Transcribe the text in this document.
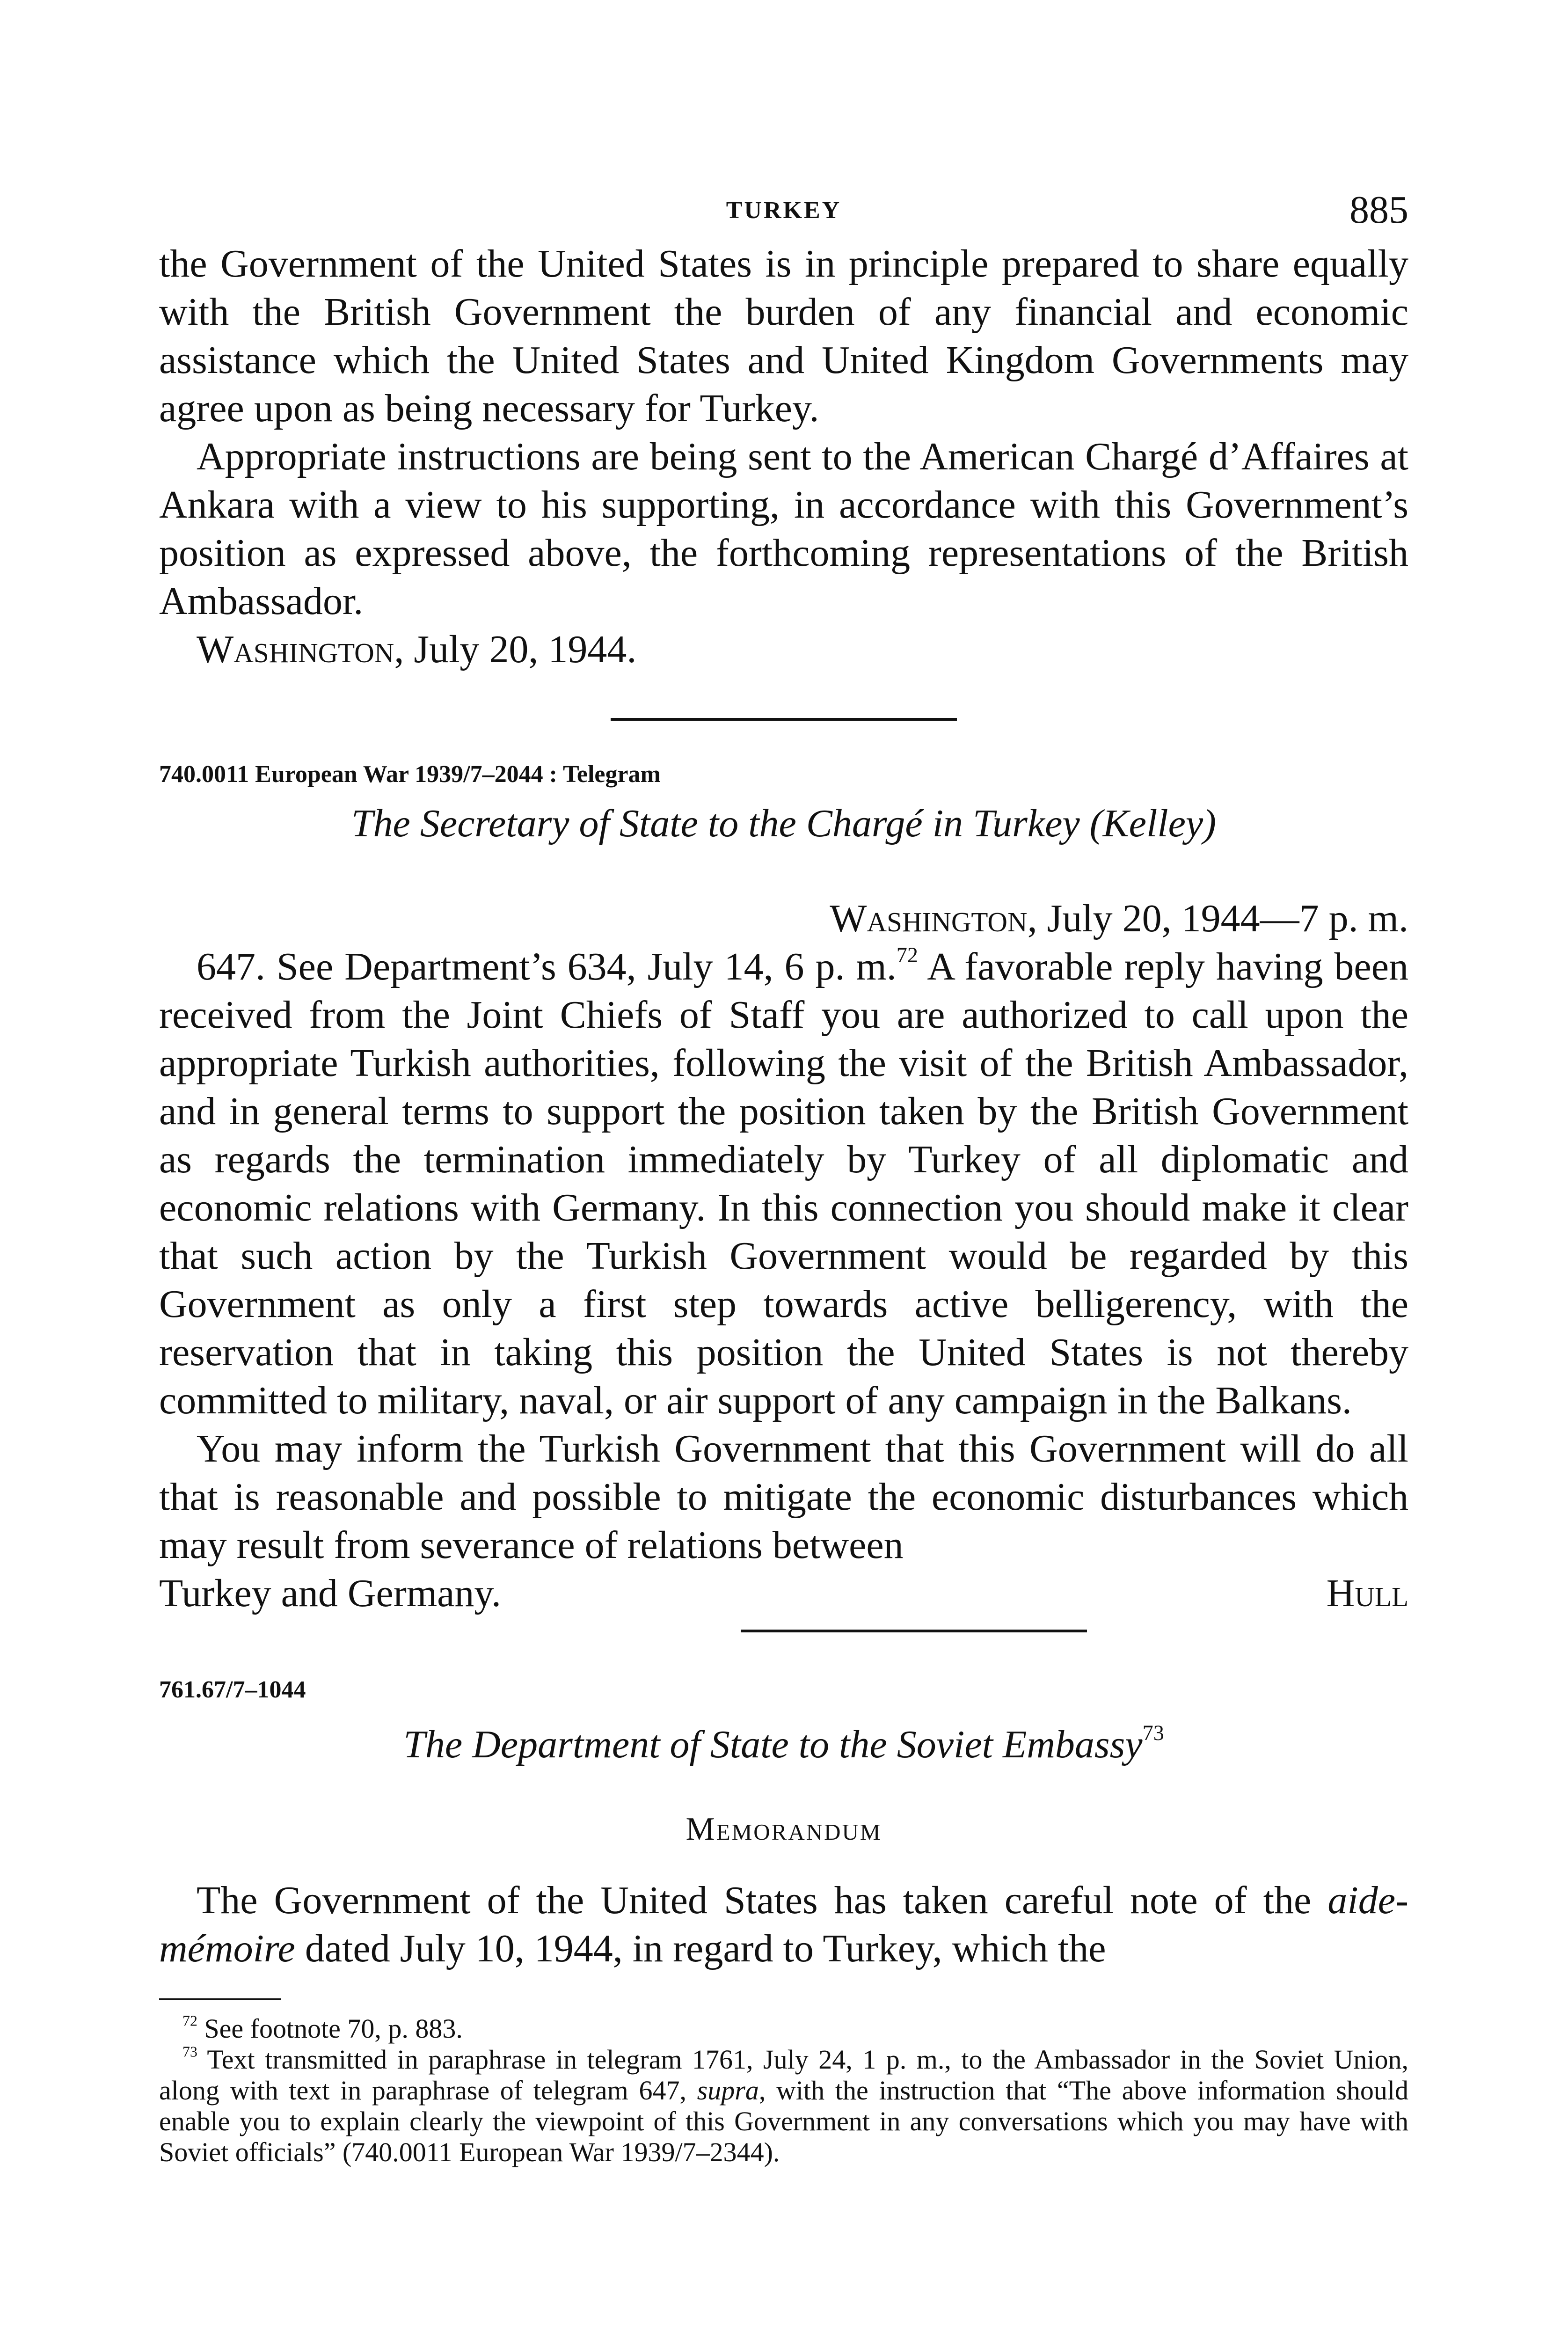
TURKEY	885

the Government of the United States is in principle prepared to share equally with the British Government the burden of any financial and economic assistance which the United States and United Kingdom Governments may agree upon as being necessary for Turkey.

Appropriate instructions are being sent to the American Chargé d’Affaires at Ankara with a view to his supporting, in accordance with this Government’s position as expressed above, the forthcoming representations of the British Ambassador.

Washington, July 20, 1944.

740.0011 European War 1939/7–2044 : Telegram

The Secretary of State to the Chargé in Turkey (Kelley)

Washington, July 20, 1944—7 p. m.

647. See Department’s 634, July 14, 6 p. m.$^{72}$ A favorable reply having been received from the Joint Chiefs of Staff you are authorized to call upon the appropriate Turkish authorities, following the visit of the British Ambassador, and in general terms to support the position taken by the British Government as regards the termination immediately by Turkey of all diplomatic and economic relations with Germany. In this connection you should make it clear that such action by the Turkish Government would be regarded by this Government as only a first step towards active belligerency, with the reservation that in taking this position the United States is not thereby committed to military, naval, or air support of any campaign in the Balkans.

You may inform the Turkish Government that this Government will do all that is reasonable and possible to mitigate the economic disturbances which may result from severance of relations between

Turkey and Germany.	Hull

761.67/7–1044

The Department of State to the Soviet Embassy$^{73}$

Memorandum

The Government of the United States has taken careful note of the aide-mémoire dated July 10, 1944, in regard to Turkey, which the

$^{72}$ See footnote 70, p. 883.

$^{73}$ Text transmitted in paraphrase in telegram 1761, July 24, 1 p. m., to the Ambassador in the Soviet Union, along with text in paraphrase of telegram 647, supra, with the instruction that “The above information should enable you to explain clearly the viewpoint of this Government in any conversations which you may have with Soviet officials” (740.0011 European War 1939/7–2344).
